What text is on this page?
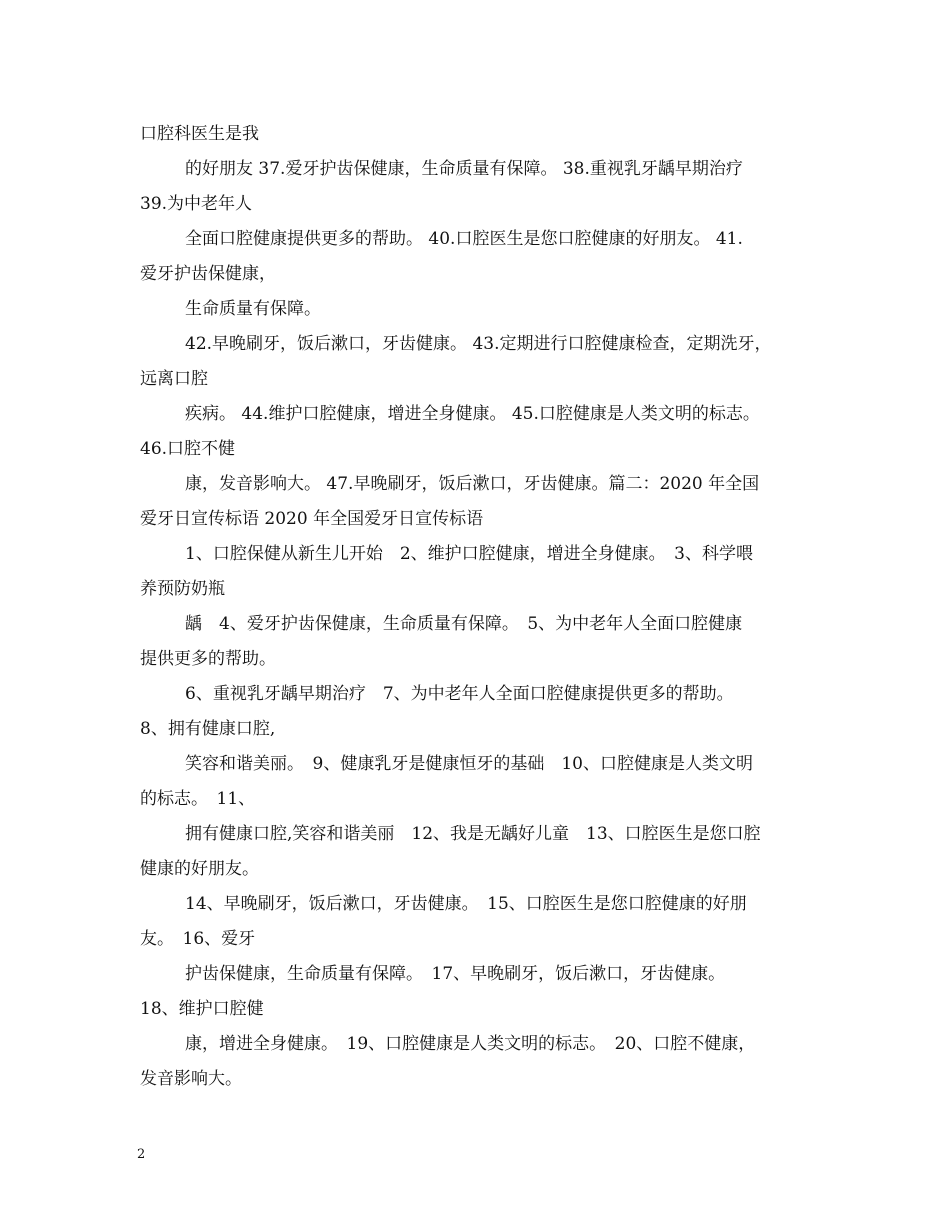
口腔科医生是我
的好朋友 37.爱牙护齿保健康，生命质量有保障。 38.重视乳牙龋早期治疗
39.为中老年人
全面口腔健康提供更多的帮助。 40.口腔医生是您口腔健康的好朋友。 41.
爱牙护齿保健康，
生命质量有保障。
42.早晚刷牙，饭后漱口，牙齿健康。 43.定期进行口腔健康检查，定期洗牙，
远离口腔
疾病。 44.维护口腔健康，增进全身健康。 45.口腔健康是人类文明的标志。
46.口腔不健
康，发音影响大。 47.早晚刷牙，饭后漱口，牙齿健康。篇二：2020 年全国
爱牙日宣传标语 2020 年全国爱牙日宣传标语
1、口腔保健从新生儿开始　2、维护口腔健康，增进全身健康。　3、科学喂
养预防奶瓶
龋　4、爱牙护齿保健康，生命质量有保障。　5、为中老年人全面口腔健康
提供更多的帮助。
6、重视乳牙龋早期治疗　7、为中老年人全面口腔健康提供更多的帮助。
8、拥有健康口腔,
笑容和谐美丽。　9、健康乳牙是健康恒牙的基础　10、口腔健康是人类文明
的标志。　11、
拥有健康口腔,笑容和谐美丽　12、我是无龋好儿童　13、口腔医生是您口腔
健康的好朋友。
14、早晚刷牙，饭后漱口，牙齿健康。　15、口腔医生是您口腔健康的好朋
友。　16、爱牙
护齿保健康，生命质量有保障。　17、早晚刷牙，饭后漱口，牙齿健康。
18、维护口腔健
康，增进全身健康。　19、口腔健康是人类文明的标志。　20、口腔不健康，
发音影响大。
2
